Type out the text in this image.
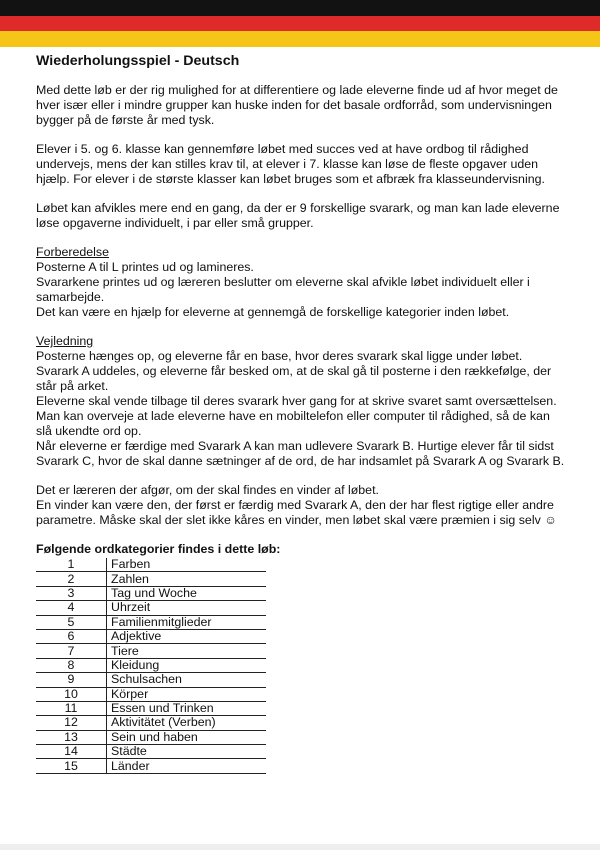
Wiederholungsspiel - Deutsch

Med dette løb er der rig mulighed for at differentiere og lade eleverne finde ud af hvor meget de hver især eller i mindre grupper kan huske inden for det basale ordforråd, som undervisningen bygger på de første år med tysk.

Elever i 5. og 6. klasse kan gennemføre løbet med succes ved at have ordbog til rådighed undervejs, mens der kan stilles krav til, at elever i 7. klasse kan løse de fleste opgaver uden hjælp. For elever i de største klasser kan løbet bruges som et afbræk fra klasseundervisning.

Løbet kan afvikles mere end en gang, da der er 9 forskellige svarark, og man kan lade eleverne løse opgaverne individuelt, i par eller små grupper.

Forberedelse
Posterne A til L printes ud og lamineres.
Svararkene printes ud og læreren beslutter om eleverne skal afvikle løbet individuelt eller i samarbejde.
Det kan være en hjælp for eleverne at gennemgå de forskellige kategorier inden løbet.

Vejledning
Posterne hænges op, og eleverne får en base, hvor deres svarark skal ligge under løbet.
Svarark A uddeles, og eleverne får besked om, at de skal gå til posterne i den rækkefølge, der står på arket.
Eleverne skal vende tilbage til deres svarark hver gang for at skrive svaret samt oversættelsen.
Man kan overveje at lade eleverne have en mobiltelefon eller computer til rådighed, så de kan slå ukendte ord op.
Når eleverne er færdige med Svarark A kan man udlevere Svarark B. Hurtige elever får til sidst Svarark C, hvor de skal danne sætninger af de ord, de har indsamlet på Svarark A og Svarark B.

Det er læreren der afgør, om der skal findes en vinder af løbet.
En vinder kan være den, der først er færdig med Svarark A, den der har flest rigtige eller andre parametre. Måske skal der slet ikke kåres en vinder, men løbet skal være præmien i sig selv ☺

Følgende ordkategorier findes i dette løb:
1	Farben
2	Zahlen
3	Tag und Woche
4	Uhrzeit
5	Familienmitglieder
6	Adjektive
7	Tiere
8	Kleidung
9	Schulsachen
10	Körper
11	Essen und Trinken
12	Aktivitätet (Verben)
13	Sein und haben
14	Städte
15	Länder
